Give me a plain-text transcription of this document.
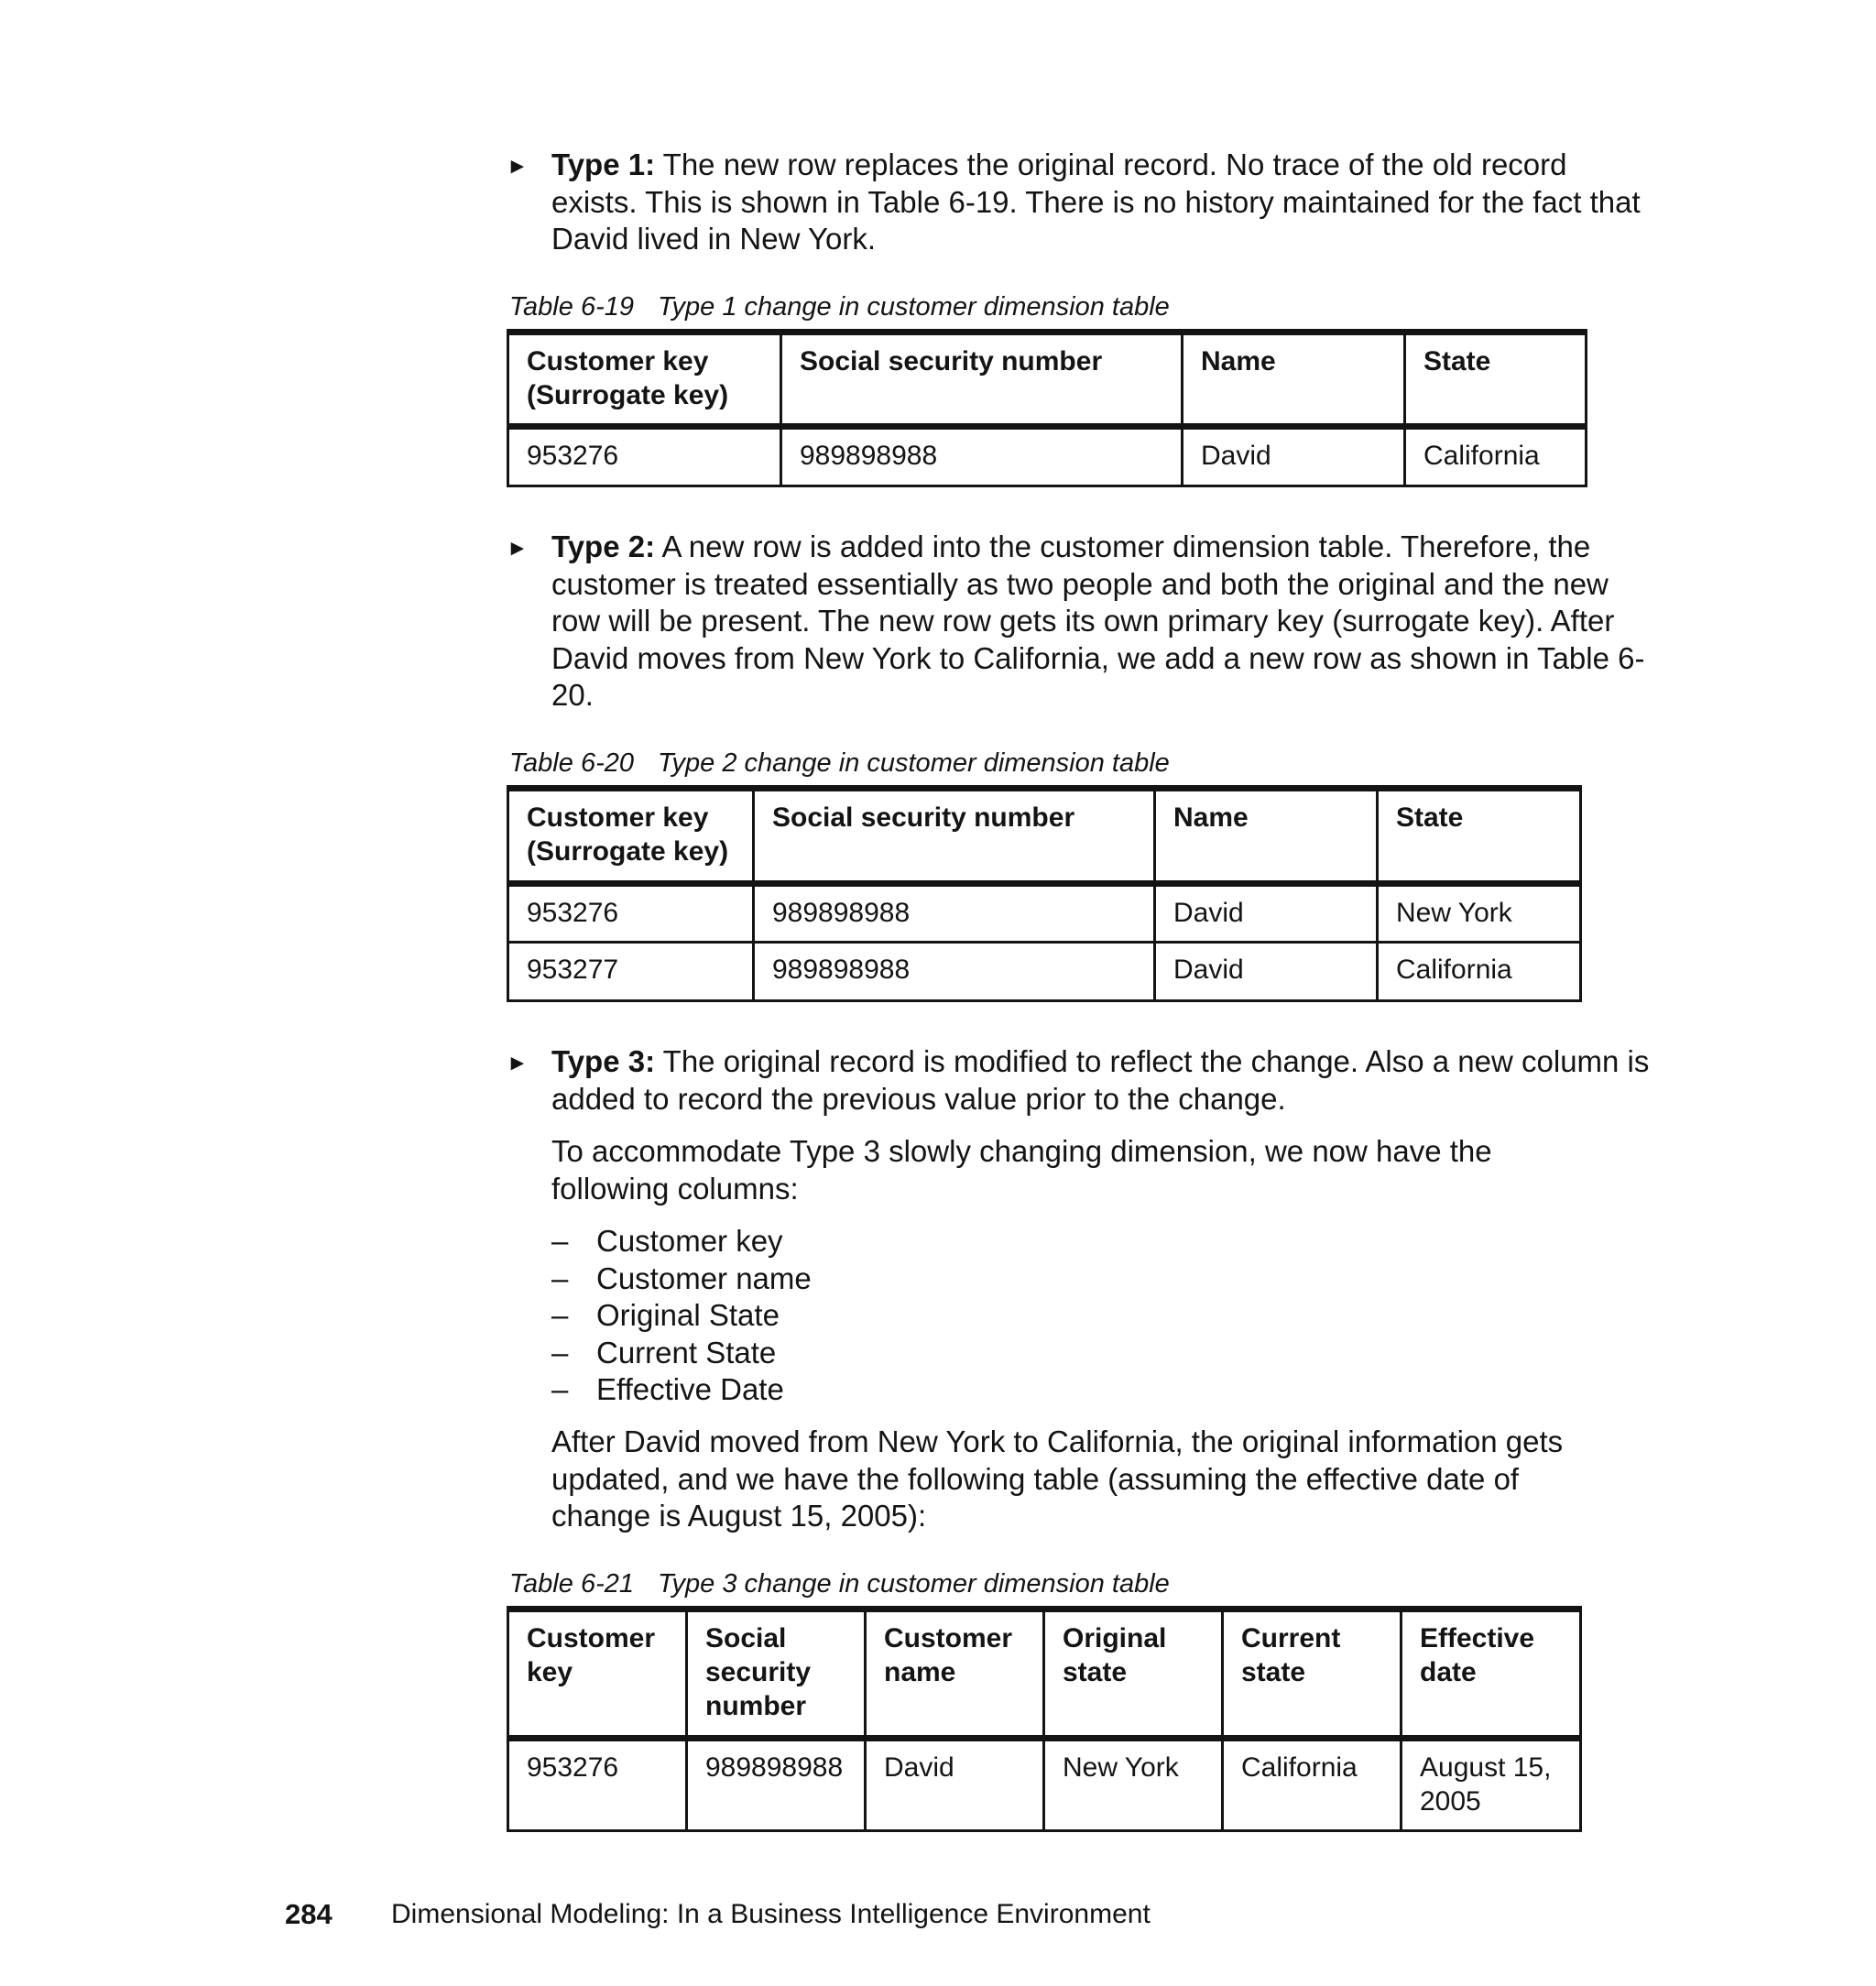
► Type 1: The new row replaces the original record. No trace of the old record exists. This is shown in Table 6-19. There is no history maintained for the fact that David lived in New York.
Table 6-19 Type 1 change in customer dimension table
Customer key (Surrogate key)	Social security number	Name	State
953276	989898988	David	California
► Type 2: A new row is added into the customer dimension table. Therefore, the customer is treated essentially as two people and both the original and the new row will be present. The new row gets its own primary key (surrogate key). After David moves from New York to California, we add a new row as shown in Table 6-20.
Table 6-20 Type 2 change in customer dimension table
Customer key (Surrogate key)	Social security number	Name	State
953276	989898988	David	New York
953277	989898988	David	California
► Type 3: The original record is modified to reflect the change. Also a new column is added to record the previous value prior to the change.
To accommodate Type 3 slowly changing dimension, we now have the following columns:
– Customer key
– Customer name
– Original State
– Current State
– Effective Date
After David moved from New York to California, the original information gets updated, and we have the following table (assuming the effective date of change is August 15, 2005):
Table 6-21 Type 3 change in customer dimension table
Customer key	Social security number	Customer name	Original state	Current state	Effective date
953276	989898988	David	New York	California	August 15, 2005
284 Dimensional Modeling: In a Business Intelligence Environment
